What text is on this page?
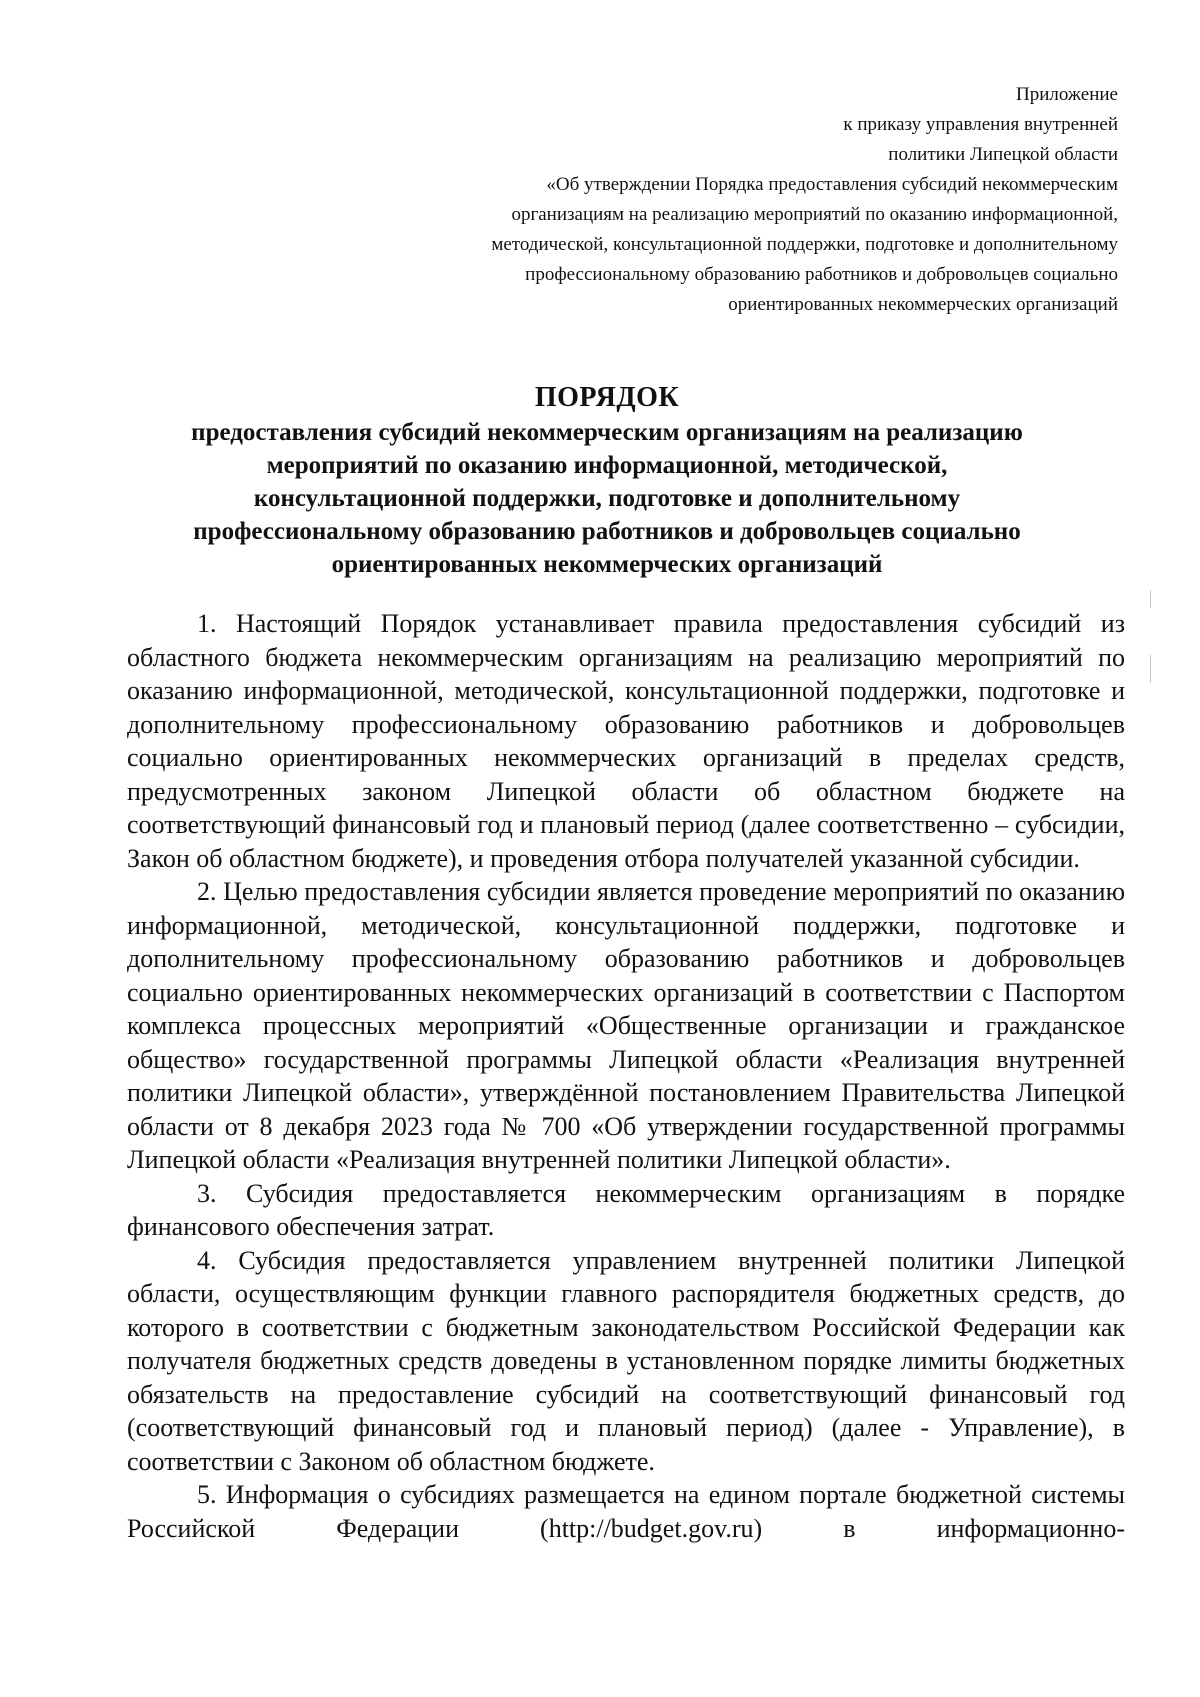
Приложение
к приказу управления внутренней
политики Липецкой области
«Об утверждении Порядка предоставления субсидий некоммерческим
организациям на реализацию мероприятий по оказанию информационной,
методической, консультационной поддержки, подготовке и дополнительному
профессиональному образованию работников и добровольцев социально
ориентированных некоммерческих организаций
ПОРЯДОК
предоставления субсидий некоммерческим организациям на реализацию
мероприятий по оказанию информационной, методической,
консультационной поддержки, подготовке и дополнительному
профессиональному образованию работников и добровольцев социально
ориентированных некоммерческих организаций

1. Настоящий Порядок устанавливает правила предоставления субсидий из областного бюджета некоммерческим организациям на реализацию мероприятий по оказанию информационной, методической, консультационной поддержки, подготовке и дополнительному профессиональному образованию работников и добровольцев социально ориентированных некоммерческих организаций в пределах средств, предусмотренных законом Липецкой области об областном бюджете на соответствующий финансовый год и плановый период (далее соответственно – субсидии, Закон об областном бюджете), и проведения отбора получателей указанной субсидии.

2. Целью предоставления субсидии является проведение мероприятий по оказанию информационной, методической, консультационной поддержки, подготовке и дополнительному профессиональному образованию работников и добровольцев социально ориентированных некоммерческих организаций в соответствии с Паспортом комплекса процессных мероприятий «Общественные организации и гражданское общество» государственной программы Липецкой области «Реализация внутренней политики Липецкой области», утверждённой постановлением Правительства Липецкой области от 8 декабря 2023 года № 700 «Об утверждении государственной программы Липецкой области «Реализация внутренней политики Липецкой области».

3. Субсидия предоставляется некоммерческим организациям в порядке финансового обеспечения затрат.

4. Субсидия предоставляется управлением внутренней политики Липецкой области, осуществляющим функции главного распорядителя бюджетных средств, до которого в соответствии с бюджетным законодательством Российской Федерации как получателя бюджетных средств доведены в установленном порядке лимиты бюджетных обязательств на предоставление субсидий на соответствующий финансовый год (соответствующий финансовый год и плановый период) (далее - Управление), в соответствии с Законом об областном бюджете.

5. Информация о субсидиях размещается на едином портале бюджетной системы Российской Федерации (http://budget.gov.ru) в информационно-
